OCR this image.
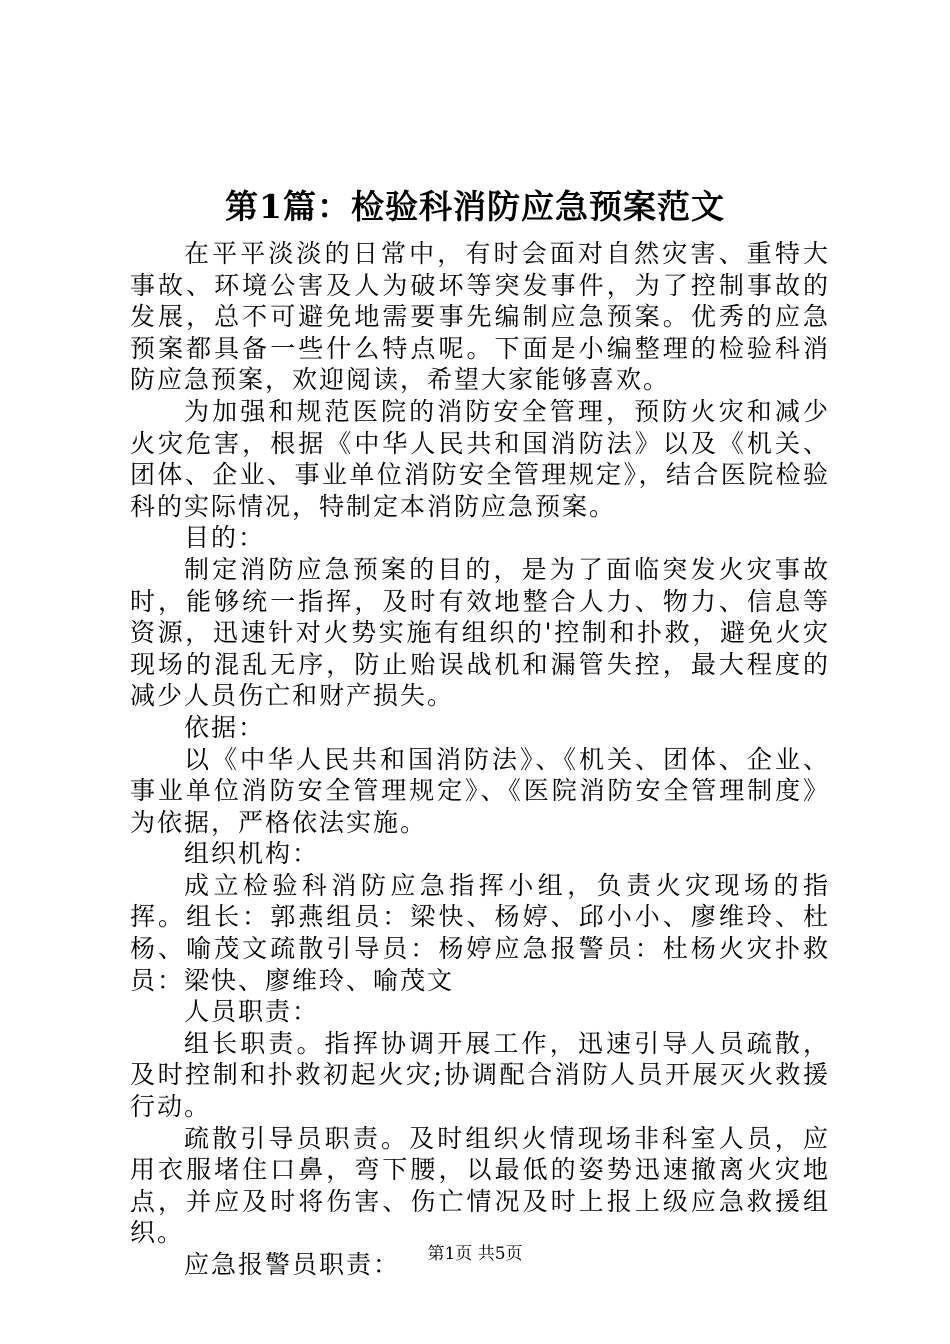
第1篇：检验科消防应急预案范文

在平平淡淡的日常中，有时会面对自然灾害、重特大事故、环境公害及人为破坏等突发事件，为了控制事故的发展，总不可避免地需要事先编制应急预案。优秀的应急预案都具备一些什么特点呢。下面是小编整理的检验科消防应急预案，欢迎阅读，希望大家能够喜欢。

为加强和规范医院的消防安全管理，预防火灾和减少火灾危害，根据《中华人民共和国消防法》以及《机关、团体、企业、事业单位消防安全管理规定》，结合医院检验科的实际情况，特制定本消防应急预案。

目的：

制定消防应急预案的目的，是为了面临突发火灾事故时，能够统一指挥，及时有效地整合人力、物力、信息等资源，迅速针对火势实施有组织的'控制和扑救，避免火灾现场的混乱无序，防止贻误战机和漏管失控，最大程度的减少人员伤亡和财产损失。

依据：

以《中华人民共和国消防法》、《机关、团体、企业、事业单位消防安全管理规定》、《医院消防安全管理制度》为依据，严格依法实施。

组织机构：

成立检验科消防应急指挥小组，负责火灾现场的指挥。组长：郭燕组员：梁快、杨婷、邱小小、廖维玲、杜杨、喻茂文疏散引导员：杨婷应急报警员：杜杨火灾扑救员：梁快、廖维玲、喻茂文

人员职责：

组长职责。指挥协调开展工作，迅速引导人员疏散，及时控制和扑救初起火灾;协调配合消防人员开展灭火救援行动。

疏散引导员职责。及时组织火情现场非科室人员，应用衣服堵住口鼻，弯下腰，以最低的姿势迅速撤离火灾地点，并应及时将伤害、伤亡情况及时上报上级应急救援组织。

应急报警员职责：	第1页 共5页
